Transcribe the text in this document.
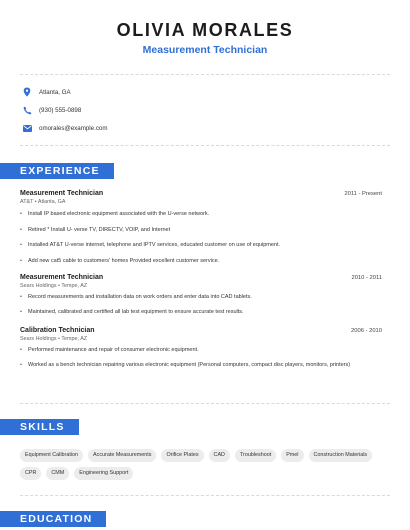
OLIVIA MORALES
Measurement Technician
Atlanta, GA
(930) 555-0898
omorales@example.com
EXPERIENCE
Measurement Technician	2011 - Present
AT&T • Atlanta, GA
• Install IP based electronic equipment associated with the U-verse network.
• Retired * Install U- verse TV, DIRECTV, VOIP, and Internet
• Installed AT&T U-verse internet, telephone and IPTV services, educated customer on use of equipment.
• Add new cat5 cable to customers' homes Provided excellent customer service.
Measurement Technician	2010 - 2011
Sears Holdings • Tempe, AZ
• Record measurements and installation data on work orders and enter data into CAD tablets.
• Maintained, calibrated and certified all lab test equipment to ensure accurate test results.
Calibration Technician	2006 - 2010
Sears Holdings • Tempe, AZ
• Performed maintenance and repair of consumer electronic equipment.
• Worked as a bench technician repairing various electronic equipment (Personal computers, compact disc players, monitors, printers)
SKILLS
Equipment Calibration	Accurate Measurements	Orifice Plates	CAD	Troubleshoot	Pmel	Construction Materials
CPR	CMM	Engineering Support
EDUCATION
